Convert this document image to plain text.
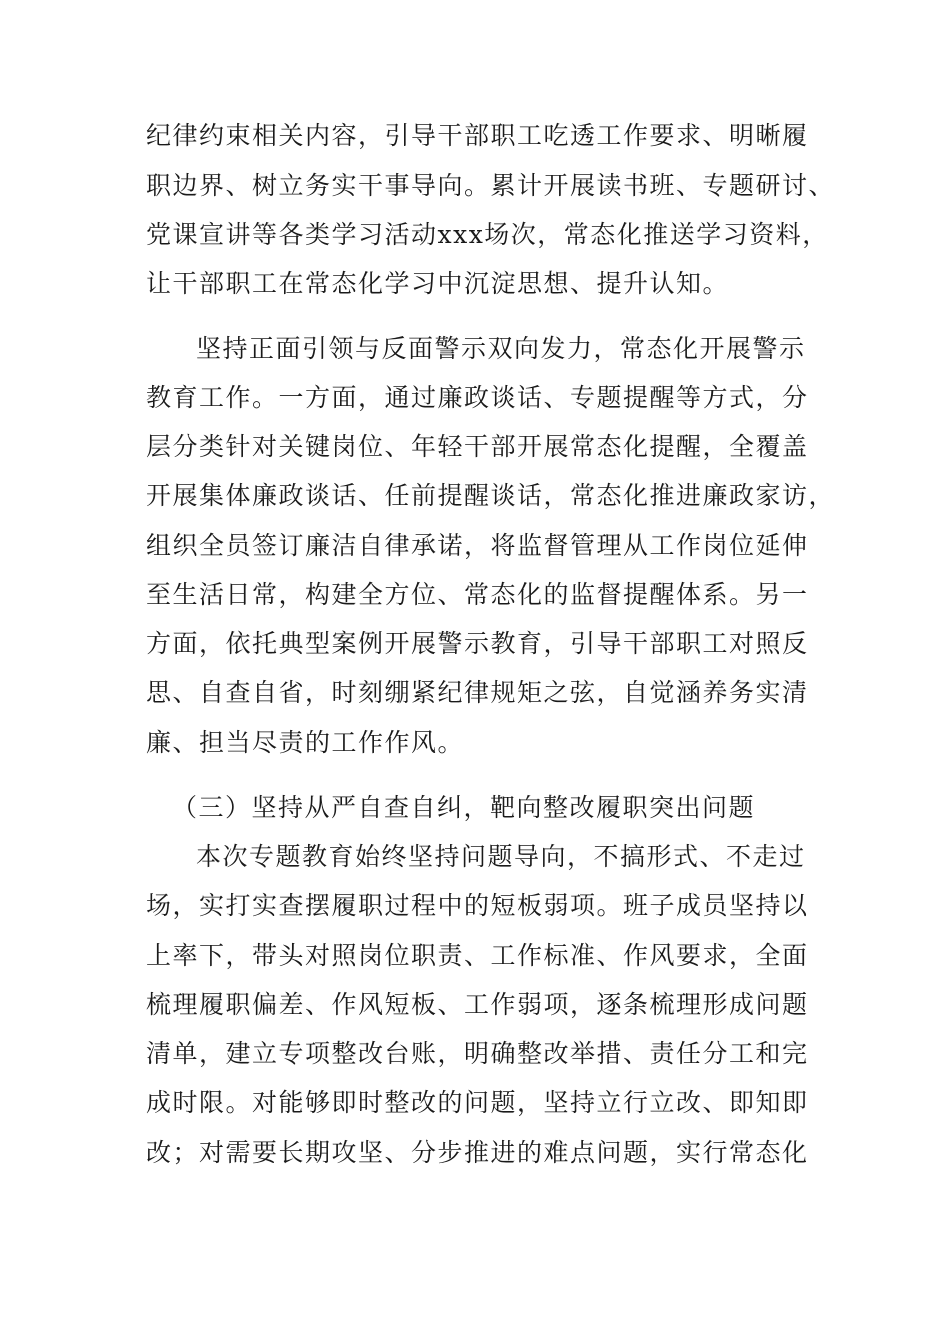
纪律约束相关内容，引导干部职工吃透工作要求、明晰履
职边界、树立务实干事导向。累计开展读书班、专题研讨、
党课宣讲等各类学习活动xxx场次，常态化推送学习资料，
让干部职工在常态化学习中沉淀思想、提升认知。
坚持正面引领与反面警示双向发力，常态化开展警示
教育工作。一方面，通过廉政谈话、专题提醒等方式，分
层分类针对关键岗位、年轻干部开展常态化提醒，全覆盖
开展集体廉政谈话、任前提醒谈话，常态化推进廉政家访，
组织全员签订廉洁自律承诺，将监督管理从工作岗位延伸
至生活日常，构建全方位、常态化的监督提醒体系。另一
方面，依托典型案例开展警示教育，引导干部职工对照反
思、自查自省，时刻绷紧纪律规矩之弦，自觉涵养务实清
廉、担当尽责的工作作风。
（三）坚持从严自查自纠，靶向整改履职突出问题
本次专题教育始终坚持问题导向，不搞形式、不走过
场，实打实查摆履职过程中的短板弱项。班子成员坚持以
上率下，带头对照岗位职责、工作标准、作风要求，全面
梳理履职偏差、作风短板、工作弱项，逐条梳理形成问题
清单，建立专项整改台账，明确整改举措、责任分工和完
成时限。对能够即时整改的问题，坚持立行立改、即知即
改；对需要长期攻坚、分步推进的难点问题，实行常态化
